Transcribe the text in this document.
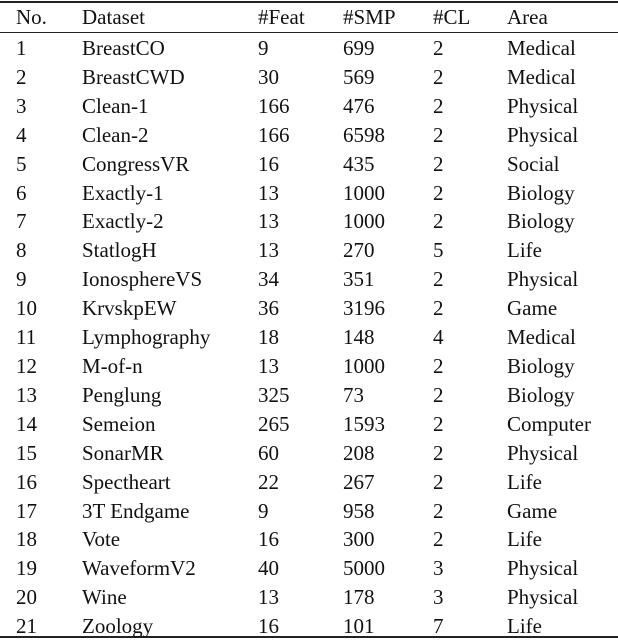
No.	Dataset	#Feat	#SMP	#CL	Area
1	BreastCO	9	699	2	Medical
2	BreastCWD	30	569	2	Medical
3	Clean-1	166	476	2	Physical
4	Clean-2	166	6598	2	Physical
5	CongressVR	16	435	2	Social
6	Exactly-1	13	1000	2	Biology
7	Exactly-2	13	1000	2	Biology
8	StatlogH	13	270	5	Life
9	IonosphereVS	34	351	2	Physical
10	KrvskpEW	36	3196	2	Game
11	Lymphography	18	148	4	Medical
12	M-of-n	13	1000	2	Biology
13	Penglung	325	73	2	Biology
14	Semeion	265	1593	2	Computer
15	SonarMR	60	208	2	Physical
16	Spectheart	22	267	2	Life
17	3T Endgame	9	958	2	Game
18	Vote	16	300	2	Life
19	WaveformV2	40	5000	3	Physical
20	Wine	13	178	3	Physical
21	Zoology	16	101	7	Life
